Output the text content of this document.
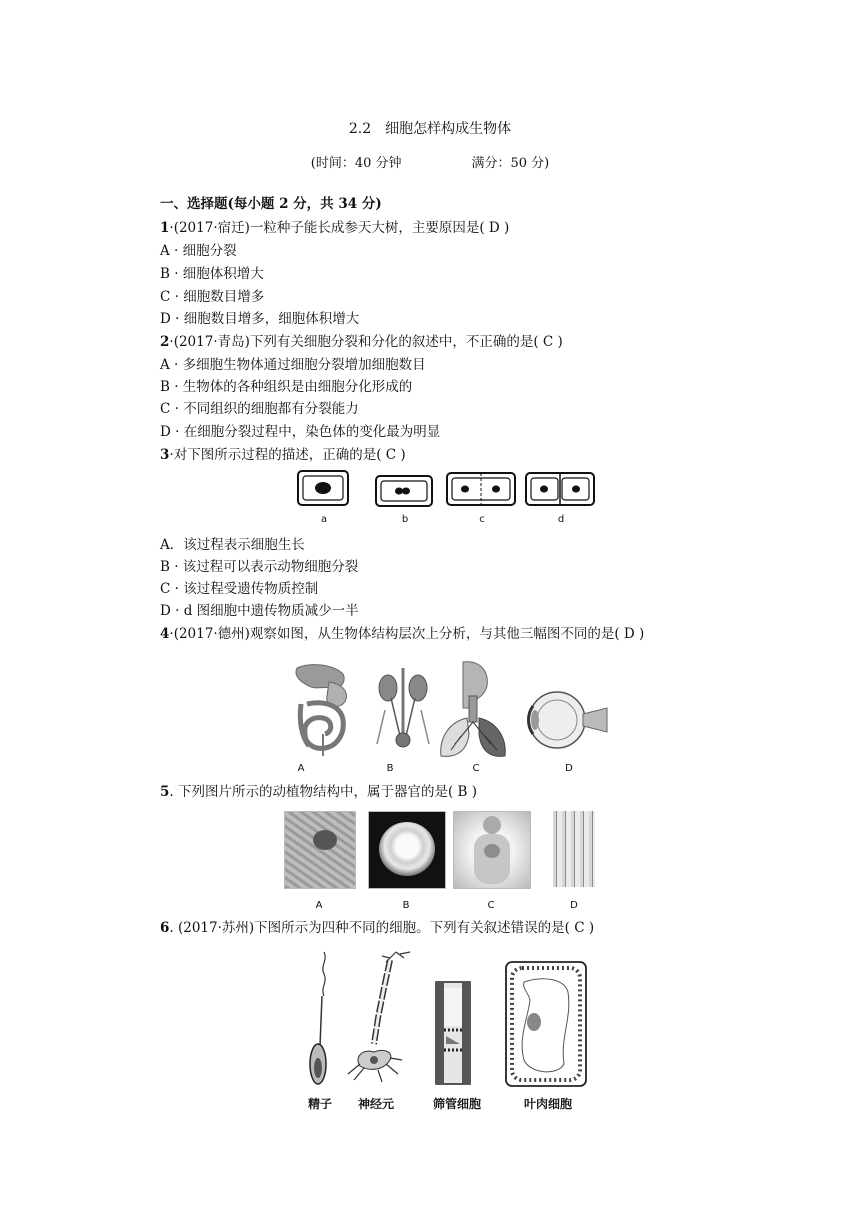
2.2 细胞怎样构成生物体
(时间：40 分钟	满分：50 分)
一、选择题(每小题 2 分，共 34 分)
1·(2017·宿迁)一粒种子能长成参天大树，主要原因是( D )
A · 细胞分裂
B · 细胞体积增大
C · 细胞数目增多
D · 细胞数目增多，细胞体积增大
2·(2017·青岛)下列有关细胞分裂和分化的叙述中，不正确的是( C )
A · 多细胞生物体通过细胞分裂增加细胞数目
B · 生物体的各种组织是由细胞分化形成的
C · 不同组织的细胞都有分裂能力
D · 在细胞分裂过程中，染色体的变化最为明显
3·对下图所示过程的描述，正确的是( C )
a	b	c	d
A．该过程表示细胞生长
B · 该过程可以表示动物细胞分裂
C · 该过程受遗传物质控制
D · d 图细胞中遗传物质减少一半
4·(2017·德州)观察如图，从生物体结构层次上分析，与其他三幅图不同的是( D )
A	B	C	D
5. 下列图片所示的动植物结构中，属于器官的是( B )
A	B	C	D
6. (2017·苏州)下图所示为四种不同的细胞。下列有关叙述错误的是( C )
精子	神经元	筛管细胞	叶肉细胞
